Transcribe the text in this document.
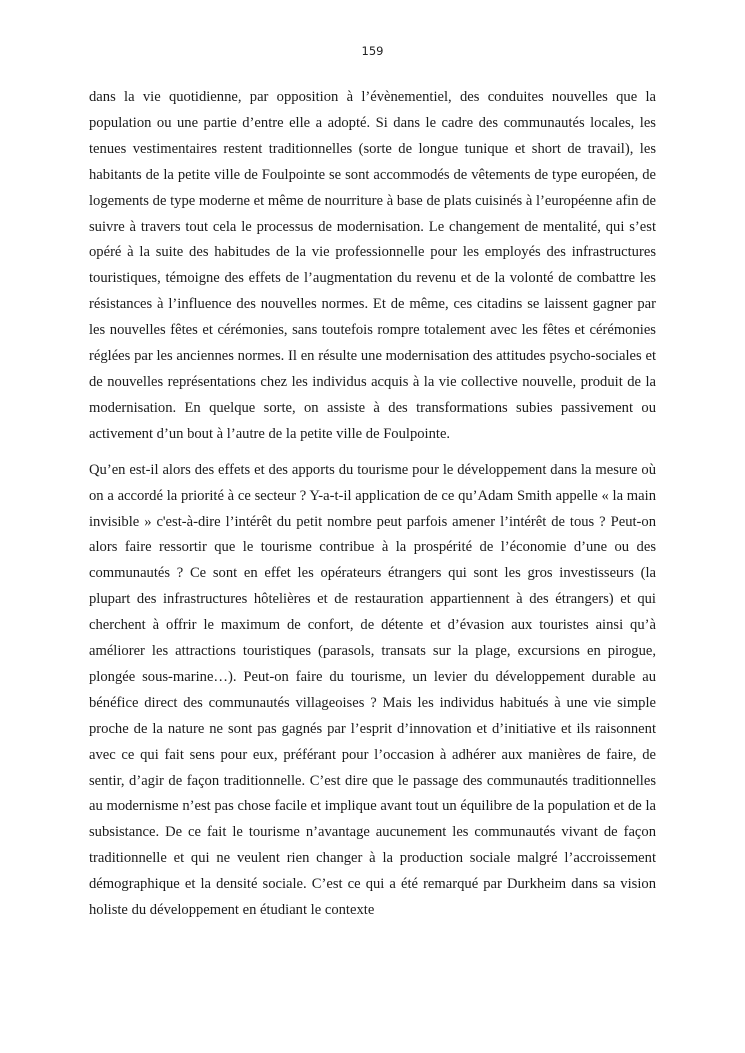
159

dans la vie quotidienne, par opposition à l’évènementiel, des conduites nouvelles que la population ou une partie d’entre elle a adopté. Si dans le cadre des communautés locales, les tenues vestimentaires restent traditionnelles (sorte de longue tunique et short de travail), les habitants de la petite ville de Foulpointe se sont accommodés de vêtements de type européen, de logements de type moderne et même de nourriture à base de plats cuisinés à l’européenne afin de suivre à travers tout cela le processus de modernisation. Le changement de mentalité, qui s’est opéré à la suite des habitudes de la vie professionnelle pour les employés des infrastructures touristiques, témoigne des effets de l’augmentation du revenu et de la volonté de combattre les résistances à l’influence des nouvelles normes. Et de même, ces citadins se laissent gagner par les nouvelles fêtes et cérémonies, sans toutefois rompre totalement avec les fêtes et cérémonies réglées par les anciennes normes. Il en résulte une modernisation des attitudes psycho-sociales et de nouvelles représentations chez les individus acquis à la vie collective nouvelle, produit de la modernisation. En quelque sorte, on assiste à des transformations subies passivement ou activement d’un bout à l’autre de la petite ville de Foulpointe.

Qu’en est-il alors des effets et des apports du tourisme pour le développement dans la mesure où on a accordé la priorité à ce secteur ? Y-a-t-il application de ce qu’Adam Smith appelle « la main invisible » c'est-à-dire l’intérêt du petit nombre peut parfois amener l’intérêt de tous ? Peut-on alors faire ressortir que le tourisme contribue à la prospérité de l’économie d’une ou des communautés ? Ce sont en effet les opérateurs étrangers qui sont les gros investisseurs (la plupart des infrastructures hôtelières et de restauration appartiennent à des étrangers) et qui cherchent à offrir le maximum de confort, de détente et d’évasion aux touristes ainsi qu’à améliorer les attractions touristiques (parasols, transats sur la plage, excursions en pirogue, plongée sous-marine…). Peut-on faire du tourisme, un levier du développement durable au bénéfice direct des communautés villageoises ? Mais les individus habitués à une vie simple proche de la nature ne sont pas gagnés par l’esprit d’innovation et d’initiative et ils raisonnent avec ce qui fait sens pour eux, préférant pour l’occasion à adhérer aux manières de faire, de sentir, d’agir de façon traditionnelle. C’est dire que le passage des communautés traditionnelles au modernisme n’est pas chose facile et implique avant tout un équilibre de la population et de la subsistance. De ce fait le tourisme n’avantage aucunement les communautés vivant de façon traditionnelle et qui ne veulent rien changer à la production sociale malgré l’accroissement démographique et la densité sociale. C’est ce qui a été remarqué par Durkheim dans sa vision holiste du développement en étudiant le contexte
